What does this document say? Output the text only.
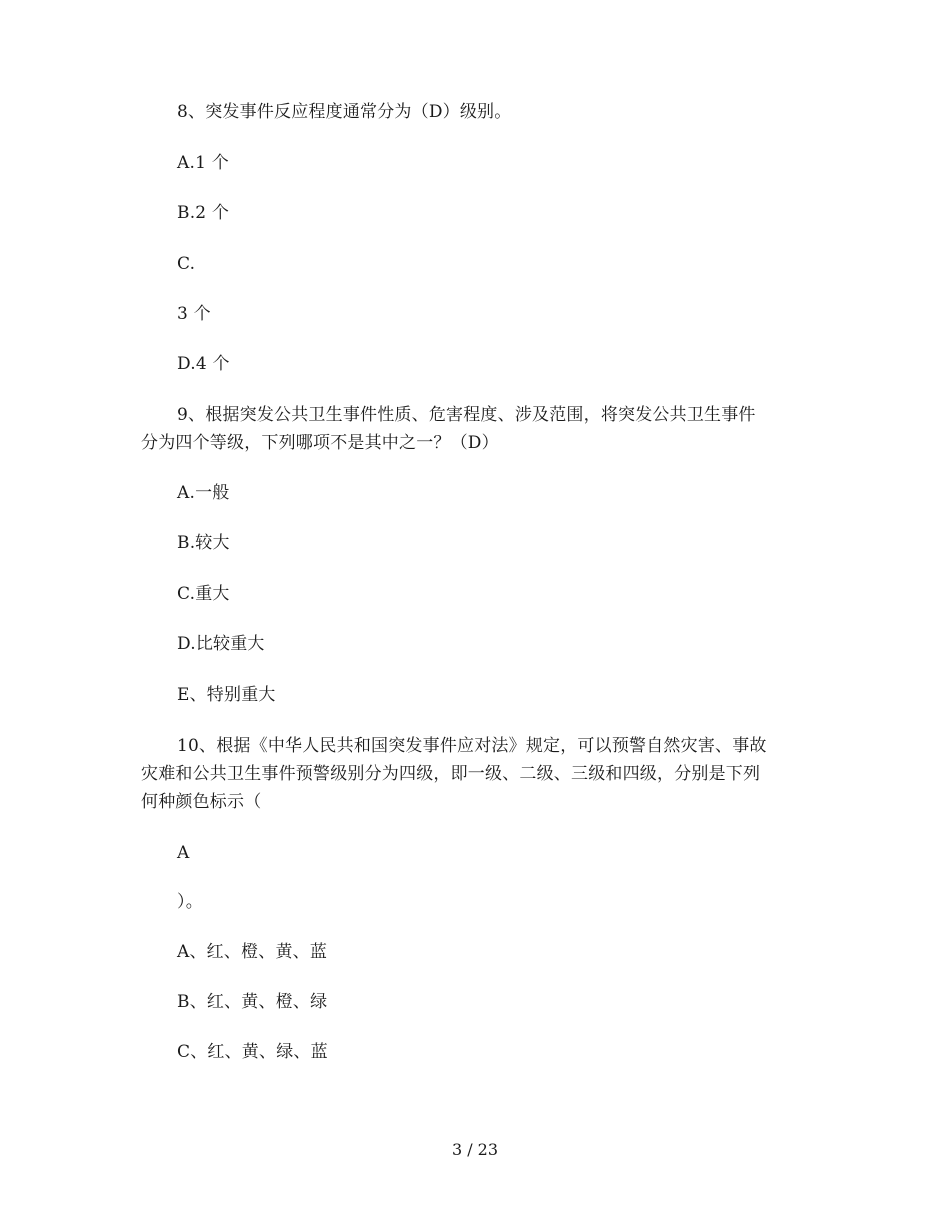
8、突发事件反应程度通常分为（D）级别。
A.1 个
B.2 个
C.
3 个
D.4 个
9、根据突发公共卫生事件性质、危害程度、涉及范围，将突发公共卫生事件
分为四个等级，下列哪项不是其中之一？（D）
A.一般
B.较大
C.重大
D.比较重大
E、特别重大
10、根据《中华人民共和国突发事件应对法》规定，可以预警自然灾害、事故
灾难和公共卫生事件预警级别分为四级，即一级、二级、三级和四级，分别是下列
何种颜色标示（
A
）。
A、红、橙、黄、蓝
B、红、黄、橙、绿
C、红、黄、绿、蓝
3 / 23
